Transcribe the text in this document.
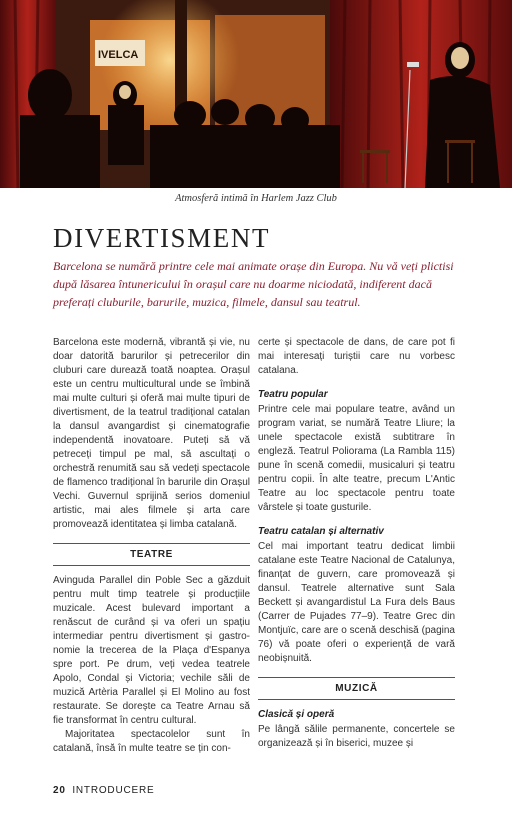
IVELCA
Atmosferă intimă în Harlem Jazz Club
DIVERTISMENT
Barcelona se numără printre cele mai animate orașe din Europa. Nu vă veți plictisi după lăsarea întunericului în orașul care nu doarme niciodată, indiferent dacă preferați cluburile, barurile, muzica, filmele, dansul sau teatrul.

Barcelona este modernă, vibrantă și vie, nu doar datorită barurilor și petrecerilor din cluburi care durează toată noaptea. Orașul este un centru multicultural unde se îmbină mai multe culturi și oferă mai multe tipuri de divertisment, de la teatrul tradițional catalan la dansul avangardist și cinematografie independentă inovatoare. Puteți să vă petreceți timpul pe mal, să ascultați o orchestră renumită sau să vedeți spectacole de flamenco tradițional în barurile din Orașul Vechi. Guvernul sprijină serios domeniul artistic, mai ales filmele și arta care promovează identitatea și limba catalană.

TEATRE

Avinguda Parallel din Poble Sec a găzduit pentru mult timp teatrele și producțiile muzicale. Acest bulevard important a renăscut de curând și va oferi un spațiu intermediar pentru divertisment și gastronomie la trecerea de la Plaça d'Espanya spre port. Pe drum, veți vedea teatrele Apolo, Condal și Victoria; vechile săli de muzică Artèria Parallel și El Molino au fost restaurate. Se dorește ca Teatre Arnau să fie transformat în centru cultural.

Majoritatea spectacolelor sunt în catalană, însă în multe teatre se țin con-

certe și spectacole de dans, de care pot fi mai interesați turiștii care nu vorbesc catalana.

Teatru popular

Printre cele mai populare teatre, având un program variat, se numără Teatre Lliure; la unele spectacole există subtitrare în engleză. Teatrul Poliorama (La Rambla 115) pune în scenă comedii, musicaluri și teatru pentru copii. În alte teatre, precum L'Antic Teatre au loc spectacole pentru toate vârstele și toate gusturile.

Teatru catalan și alternativ

Cel mai important teatru dedicat limbii catalane este Teatre Nacional de Catalunya, finanțat de guvern, care promovează și dansul. Teatrele alternative sunt Sala Beckett și avangardistul La Fura dels Baus (Carrer de Pujades 77–9). Teatre Grec din Montjuïc, care are o scenă deschisă (pagina 76) vă poate oferi o experiență de vară neobișnuită.

MUZICĂ
Clasică și operă

Pe lângă sălile permanente, concertele se organizează și în biserici, muzee și

20 INTRODUCERE
